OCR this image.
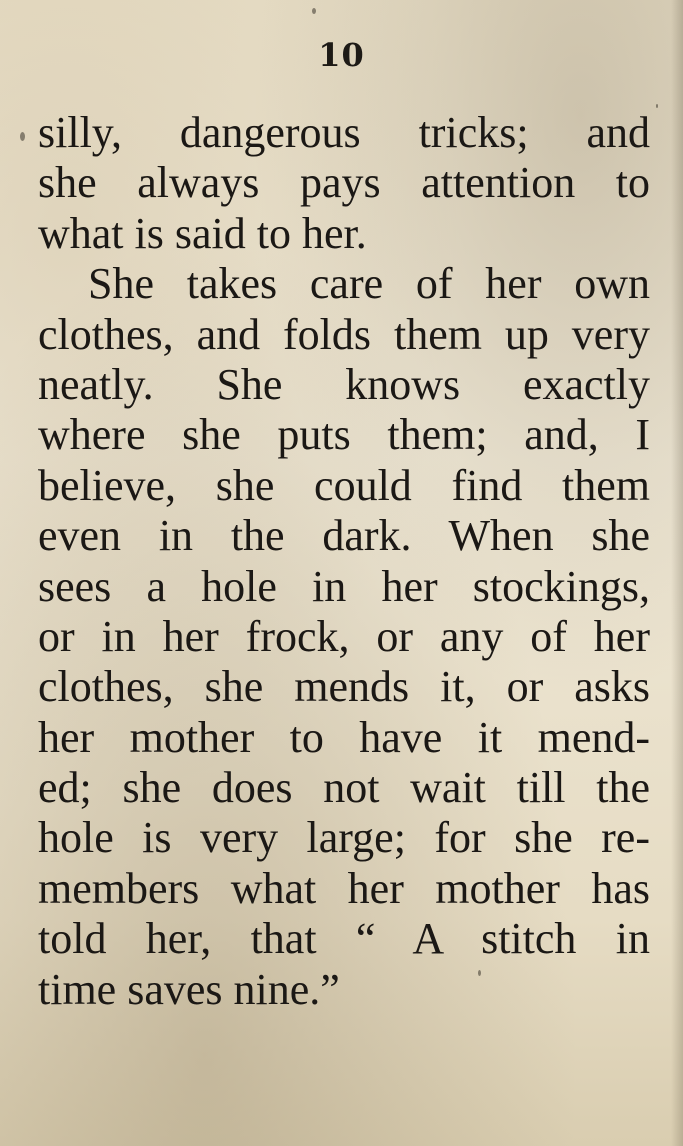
10
silly, dangerous tricks; and
she always pays attention to
what is said to her.
She takes care of her own
clothes, and folds them up very
neatly. She knows exactly
where she puts them; and, I
believe, she could find them
even in the dark. When she
sees a hole in her stockings,
or in her frock, or any of her
clothes, she mends it, or asks
her mother to have it mend-
ed; she does not wait till the
hole is very large; for she re-
members what her mother has
told her, that “ A stitch in
time saves nine.”
